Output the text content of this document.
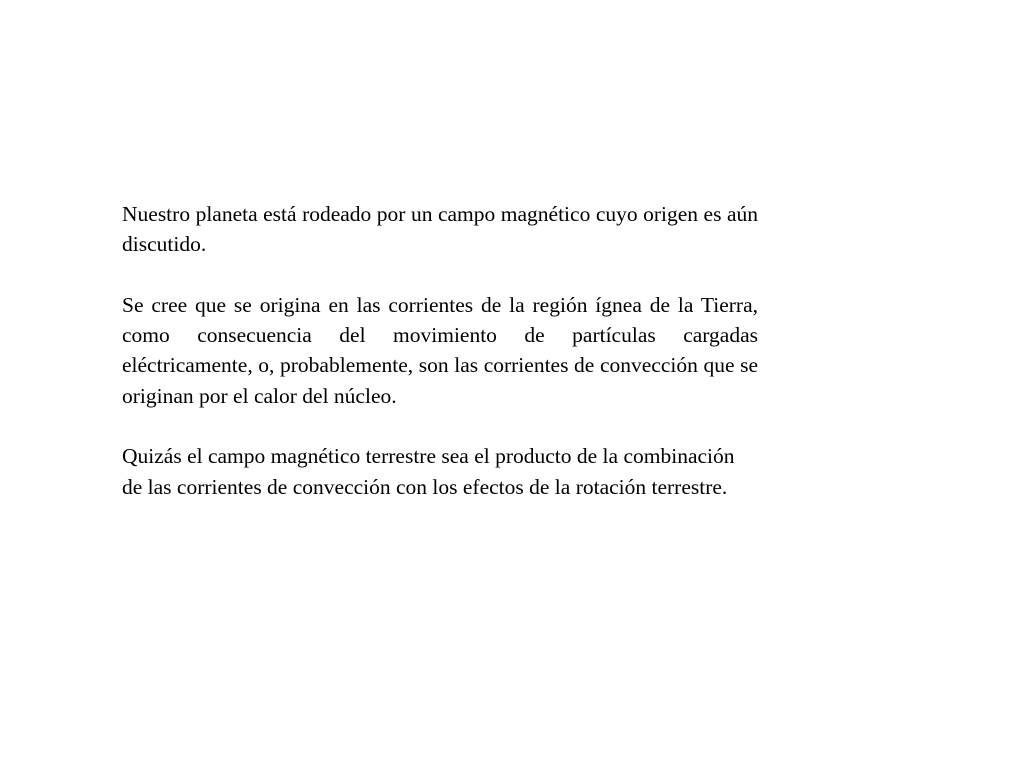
Nuestro planeta está rodeado por un campo magnético cuyo origen es aún discutido.

Se cree que se origina en las corrientes de la región ígnea de la Tierra, como consecuencia del movimiento de partículas cargadas eléctricamente, o, probablemente, son las corrientes de convección que se originan por el calor del núcleo.

Quizás el campo magnético terrestre sea el producto de la combinación de las corrientes de convección con los efectos de la rotación terrestre.
